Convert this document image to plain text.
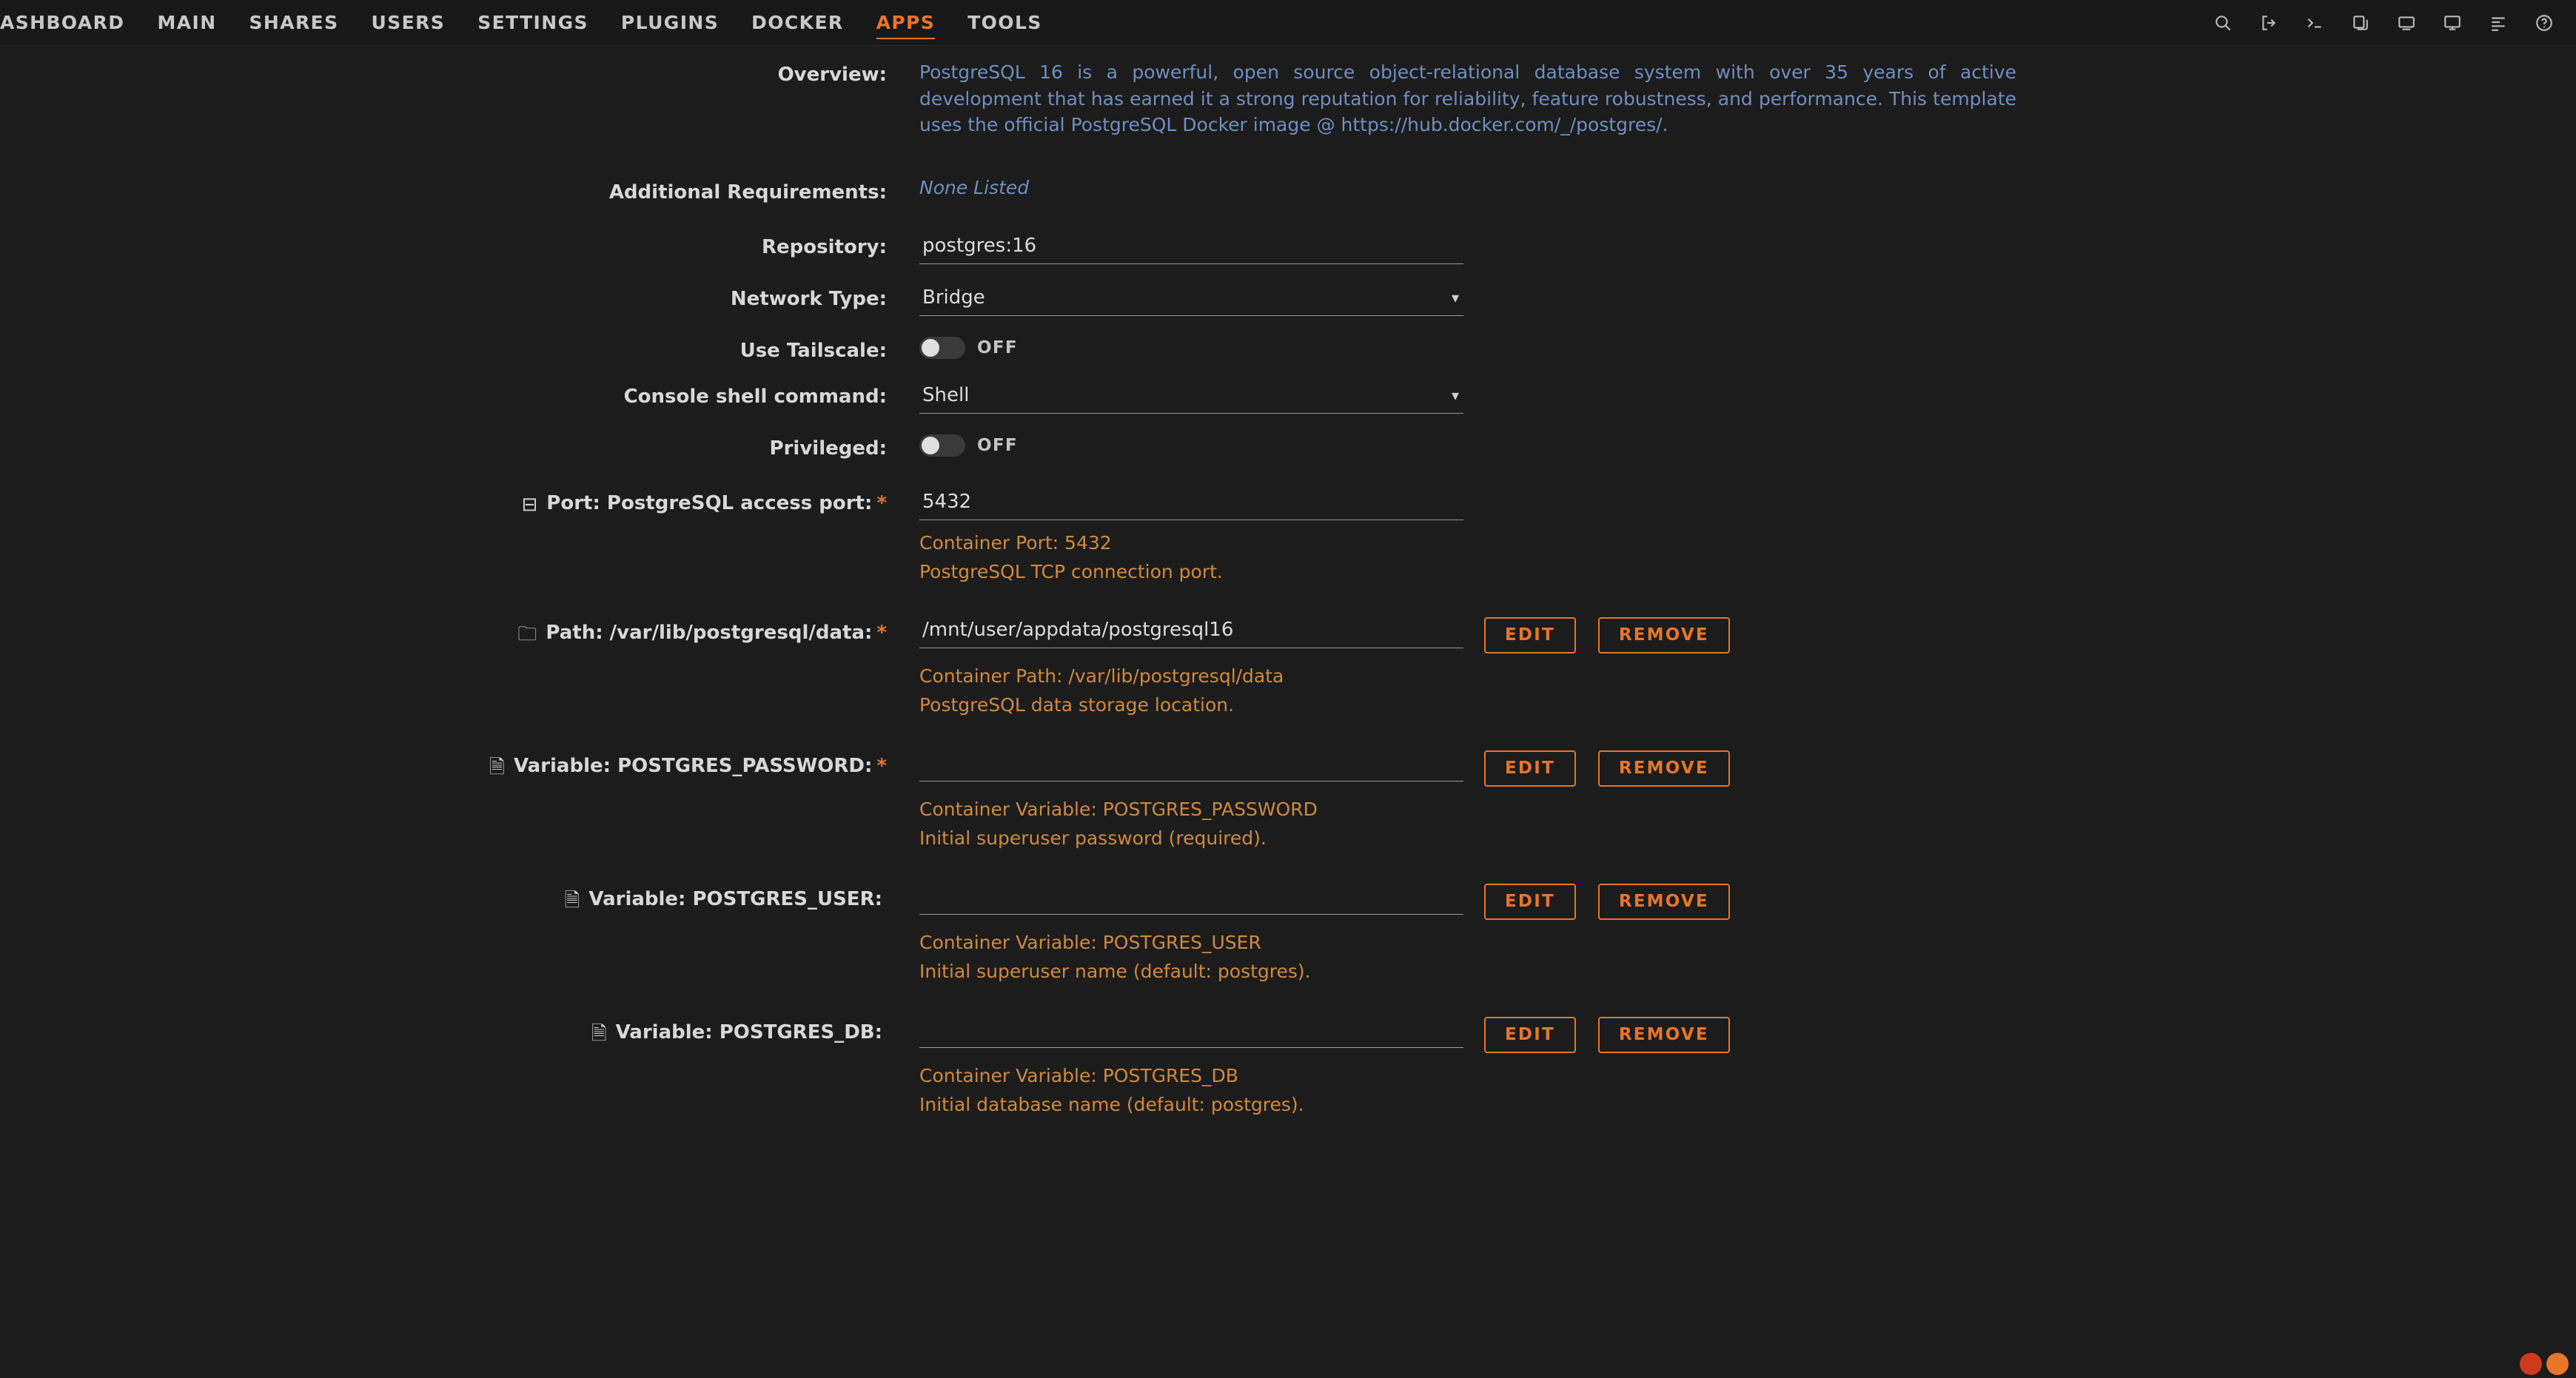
ASHBOARD MAIN SHARES USERS SETTINGS PLUGINS DOCKER APPS TOOLS
Overview:	PostgreSQL 16 is a powerful, open source object-relational database system with over 35 years of active development that has earned it a strong reputation for reliability, feature robustness, and performance. This template uses the official PostgreSQL Docker image @ https://hub.docker.com/_/postgres/.
Additional Requirements:	None Listed
Repository:
postgres:16
Network Type:	Bridge	▾
Use Tailscale:	OFF
Console shell command:	Shell	▾
Privileged:	OFF
⊟ Port: PostgreSQL access port: *
5432
Container Port: 5432
PostgreSQL TCP connection port.
🗀 Path: /var/lib/postgresql/data: *
/mnt/user/appdata/postgresql16	EDIT	REMOVE
Container Path: /var/lib/postgresql/data
PostgreSQL data storage location.
🗎 Variable: POSTGRES_PASSWORD: *	EDIT	REMOVE
Container Variable: POSTGRES_PASSWORD
Initial superuser password (required).
🗎 Variable: POSTGRES_USER:	EDIT	REMOVE
Container Variable: POSTGRES_USER
Initial superuser name (default: postgres).
🗎 Variable: POSTGRES_DB:	EDIT	REMOVE
Container Variable: POSTGRES_DB
Initial database name (default: postgres).
